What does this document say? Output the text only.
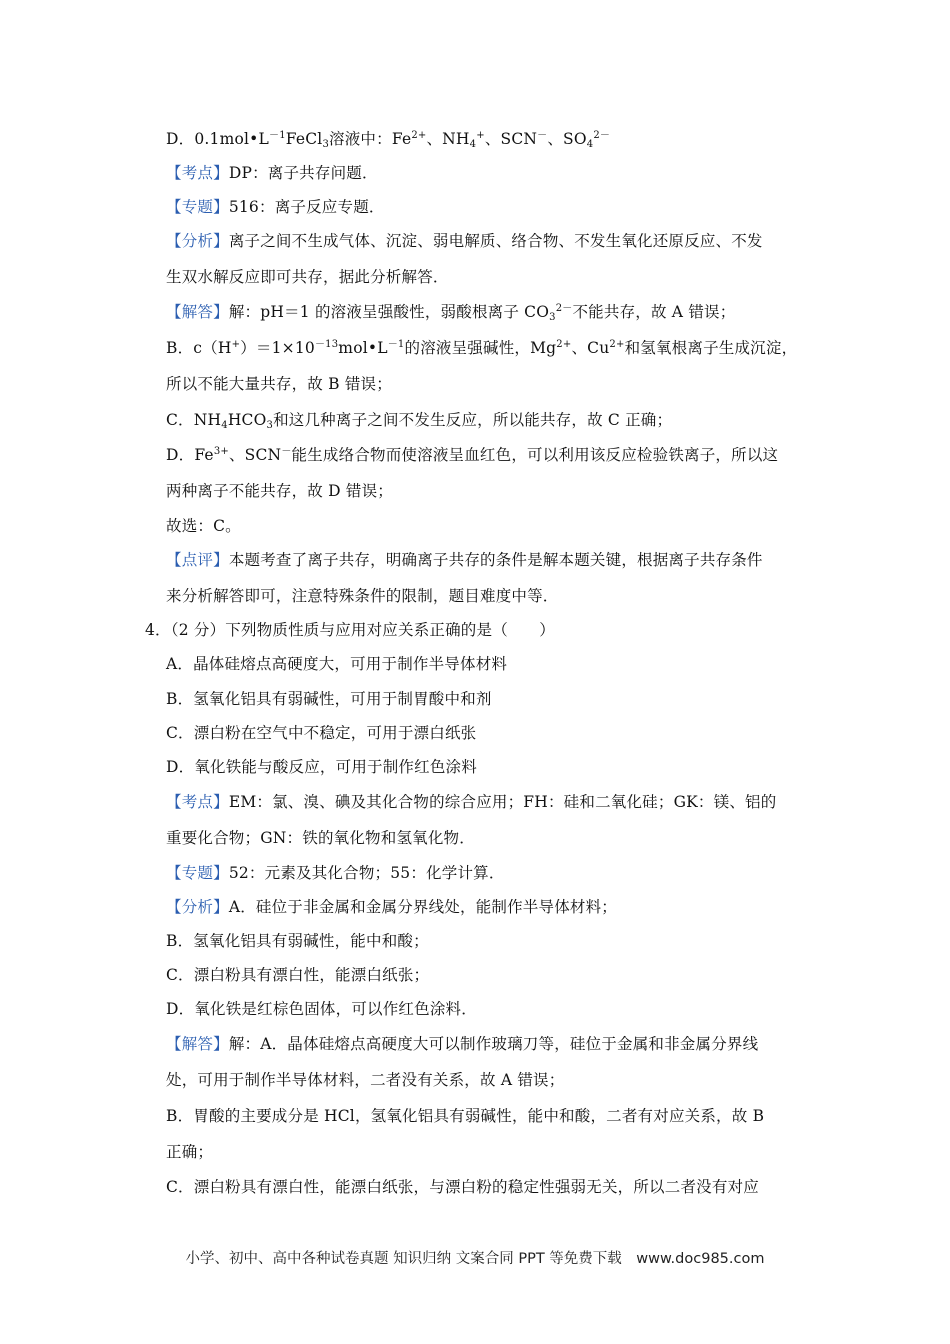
D．$0.1mol•L^{-1}FeCl_3$溶液中：$Fe^{2+}$、$NH_4^+$、SCN－、$SO_4^{2-}$
【考点】DP：离子共存问题．
【专题】516：离子反应专题．
【分析】离子之间不生成气体、沉淀、弱电解质、络合物、不发生氧化还原反应、不发
生双水解反应即可共存，据此分析解答．
【解答】解：pH＝1 的溶液呈强酸性，弱酸根离子 $CO_3^{2-}$不能共存，故 A 错误；
B．$c(H^+)=1\times 10^{-13}mol•L^{-1}$的溶液呈强碱性，$Mg^{2+}$、$Cu^{2+}$和氢氧根离子生成沉淀，
所以不能大量共存，故 B 错误；
C．$NH_4HCO_3$和这几种离子之间不发生反应，所以能共存，故 C 正确；
D．$Fe^{3+}$、SCN－能生成络合物而使溶液呈血红色，可以利用该反应检验铁离子，所以这
两种离子不能共存，故 D 错误；
故选：C。
【点评】本题考查了离子共存，明确离子共存的条件是解本题关键，根据离子共存条件
来分析解答即可，注意特殊条件的限制，题目难度中等．
4．（2 分）下列物质性质与应用对应关系正确的是（　　）
A．晶体硅熔点高硬度大，可用于制作半导体材料
B．氢氧化铝具有弱碱性，可用于制胃酸中和剂
C．漂白粉在空气中不稳定，可用于漂白纸张
D．氧化铁能与酸反应，可用于制作红色涂料
【考点】EM：氯、溴、碘及其化合物的综合应用；FH：硅和二氧化硅；GK：镁、铝的
重要化合物；GN：铁的氧化物和氢氧化物．
【专题】52：元素及其化合物；55：化学计算．
【分析】A．硅位于非金属和金属分界线处，能制作半导体材料；
B．氢氧化铝具有弱碱性，能中和酸；
C．漂白粉具有漂白性，能漂白纸张；
D．氧化铁是红棕色固体，可以作红色涂料．
【解答】解：A．晶体硅熔点高硬度大可以制作玻璃刀等，硅位于金属和非金属分界线
处，可用于制作半导体材料，二者没有关系，故 A 错误；
B．胃酸的主要成分是 HCl，氢氧化铝具有弱碱性，能中和酸，二者有对应关系，故 B
正确；
C．漂白粉具有漂白性，能漂白纸张，与漂白粉的稳定性强弱无关，所以二者没有对应
小学、初中、高中各种试卷真题 知识归纳 文案合同 PPT 等免费下载　www.doc985.com
